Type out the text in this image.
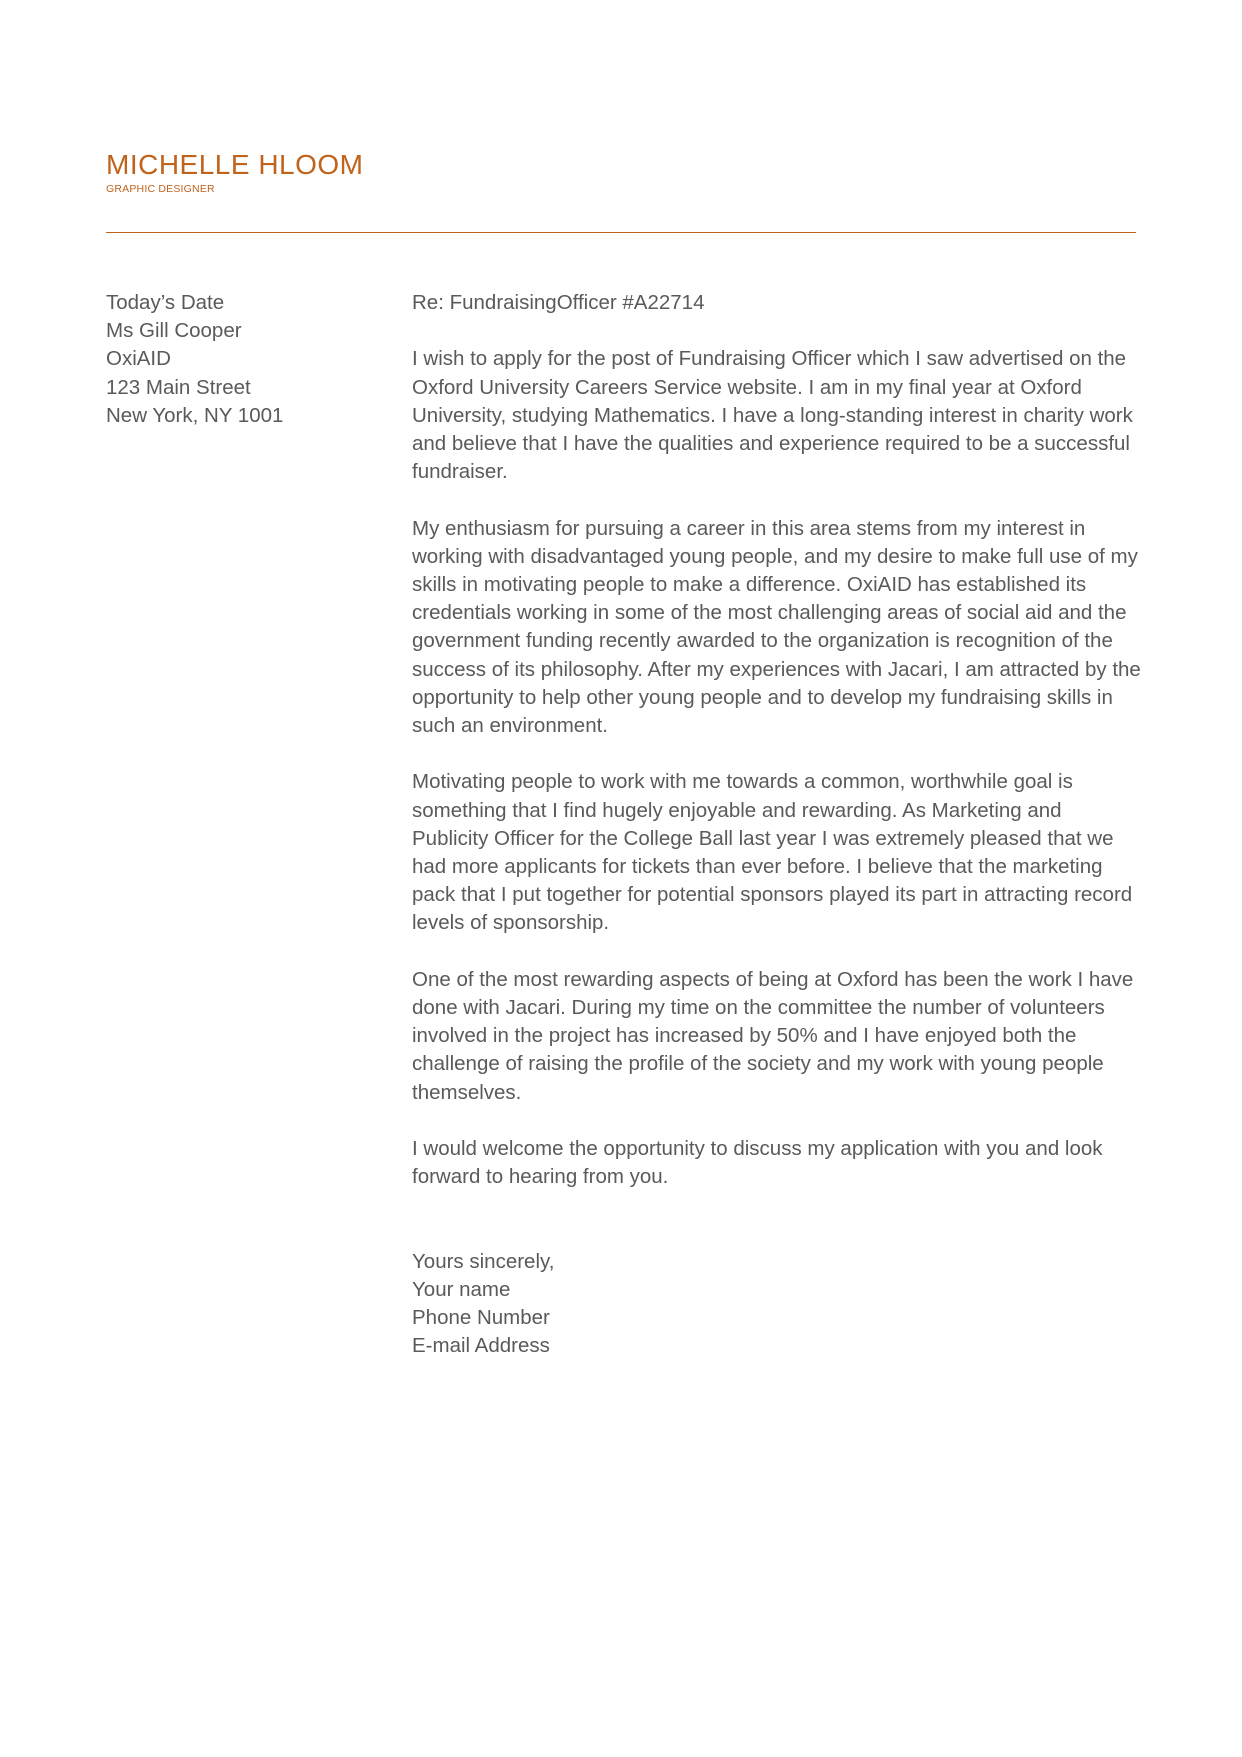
MICHELLE HLOOM
GRAPHIC DESIGNER
Today’s Date
Ms Gill Cooper
OxiAID
123 Main Street
New York, NY 1001

Re: FundraisingOfficer #A22714

I wish to apply for the post of Fundraising Officer which I saw advertised on the Oxford University Careers Service website. I am in my final year at Oxford University, studying Mathematics. I have a long-standing interest in charity work and believe that I have the qualities and experience required to be a successful fundraiser.

My enthusiasm for pursuing a career in this area stems from my interest in working with disadvantaged young people, and my desire to make full use of my skills in motivating people to make a difference. OxiAID has established its credentials working in some of the most challenging areas of social aid and the government funding recently awarded to the organization is recognition of the success of its philosophy. After my experiences with Jacari, I am attracted by the opportunity to help other young people and to develop my fundraising skills in such an environment.

Motivating people to work with me towards a common, worthwhile goal is something that I find hugely enjoyable and rewarding. As Marketing and Publicity Officer for the College Ball last year I was extremely pleased that we had more applicants for tickets than ever before. I believe that the marketing pack that I put together for potential sponsors played its part in attracting record levels of sponsorship.

One of the most rewarding aspects of being at Oxford has been the work I have done with Jacari. During my time on the committee the number of volunteers involved in the project has increased by 50% and I have enjoyed both the challenge of raising the profile of the society and my work with young people themselves.

I would welcome the opportunity to discuss my application with you and look forward to hearing from you.

Yours sincerely,
Your name
Phone Number
E-mail Address
